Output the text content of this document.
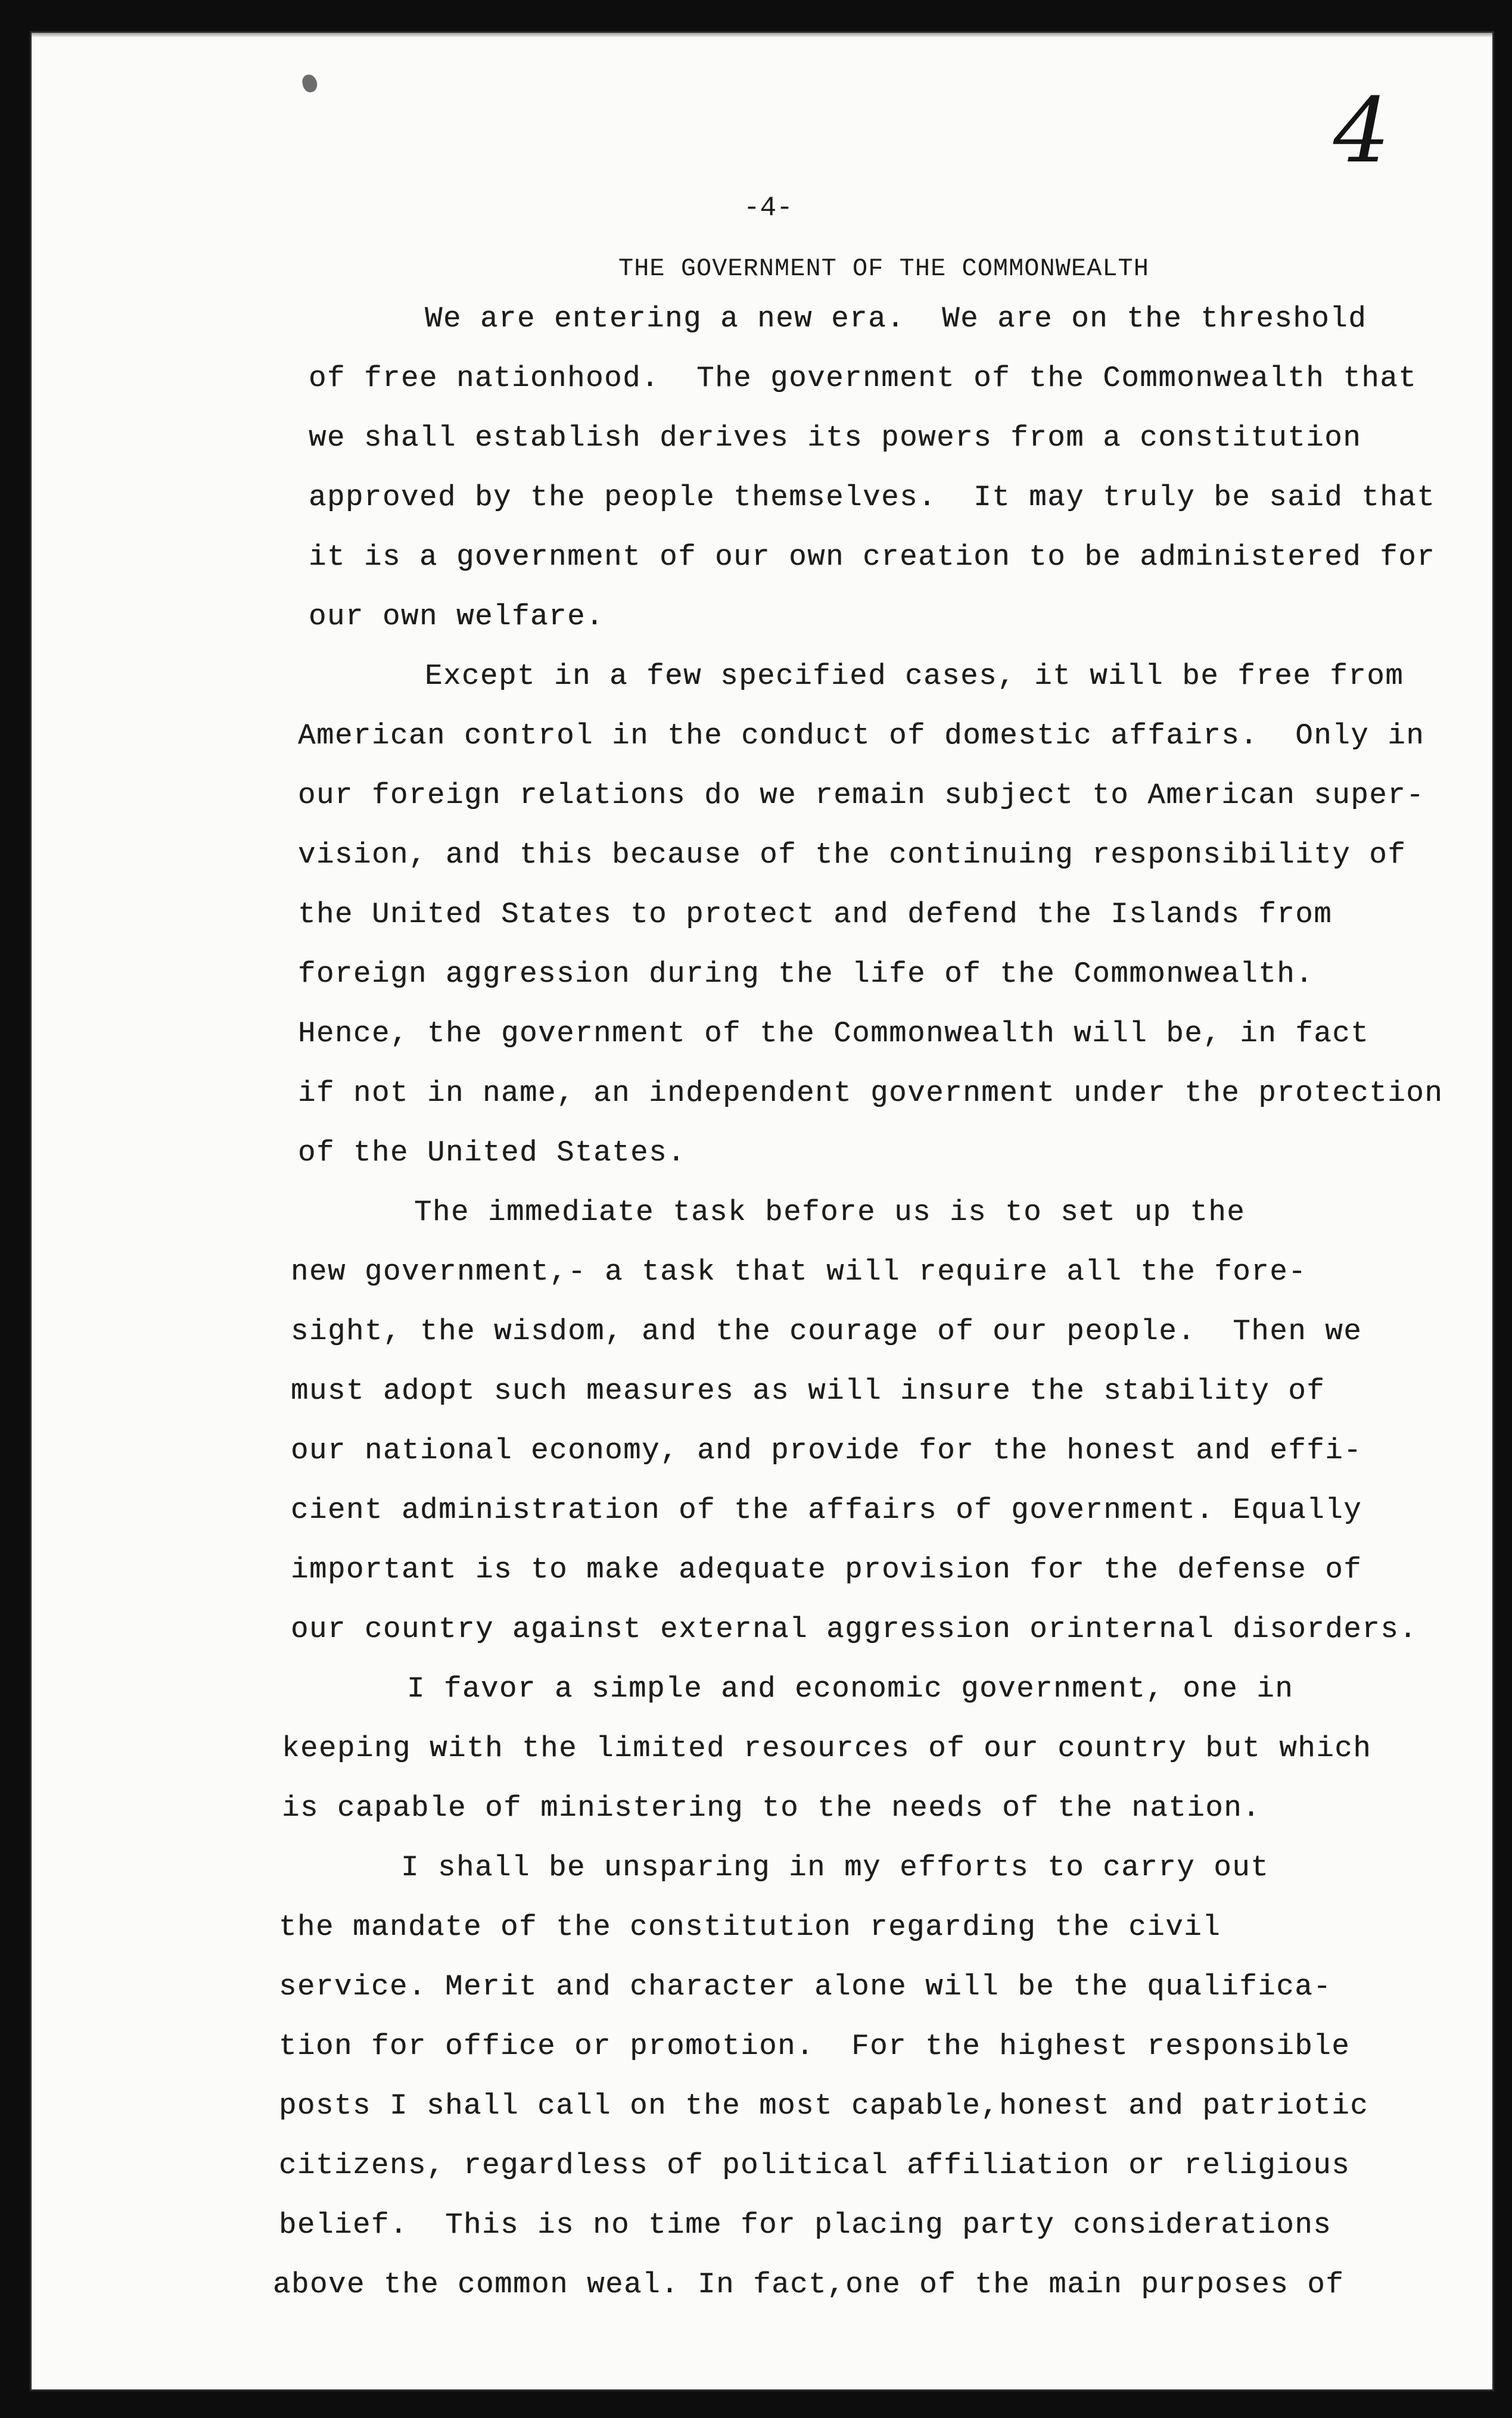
4
-4-
THE GOVERNMENT OF THE COMMONWEALTH
We are entering a new era.  We are on the threshold
of free nationhood.  The government of the Commonwealth that
we shall establish derives its powers from a constitution
approved by the people themselves.  It may truly be said that
it is a government of our own creation to be administered for
our own welfare.
Except in a few specified cases, it will be free from
American control in the conduct of domestic affairs.  Only in
our foreign relations do we remain subject to American super-
vision, and this because of the continuing responsibility of
the United States to protect and defend the Islands from
foreign aggression during the life of the Commonwealth.
Hence, the government of the Commonwealth will be, in fact
if not in name, an independent government under the protection
of the United States.
The immediate task before us is to set up the
new government,- a task that will require all the fore-
sight, the wisdom, and the courage of our people.  Then we
must adopt such measures as will insure the stability of
our national economy, and provide for the honest and effi-
cient administration of the affairs of government. Equally
important is to make adequate provision for the defense of
our country against external aggression orinternal disorders.
I favor a simple and economic government, one in
keeping with the limited resources of our country but which
is capable of ministering to the needs of the nation.
I shall be unsparing in my efforts to carry out
the mandate of the constitution regarding the civil
service. Merit and character alone will be the qualifica-
tion for office or promotion.  For the highest responsible
posts I shall call on the most capable,honest and patriotic
citizens, regardless of political affiliation or religious
belief.  This is no time for placing party considerations
above the common weal. In fact,one of the main purposes of
